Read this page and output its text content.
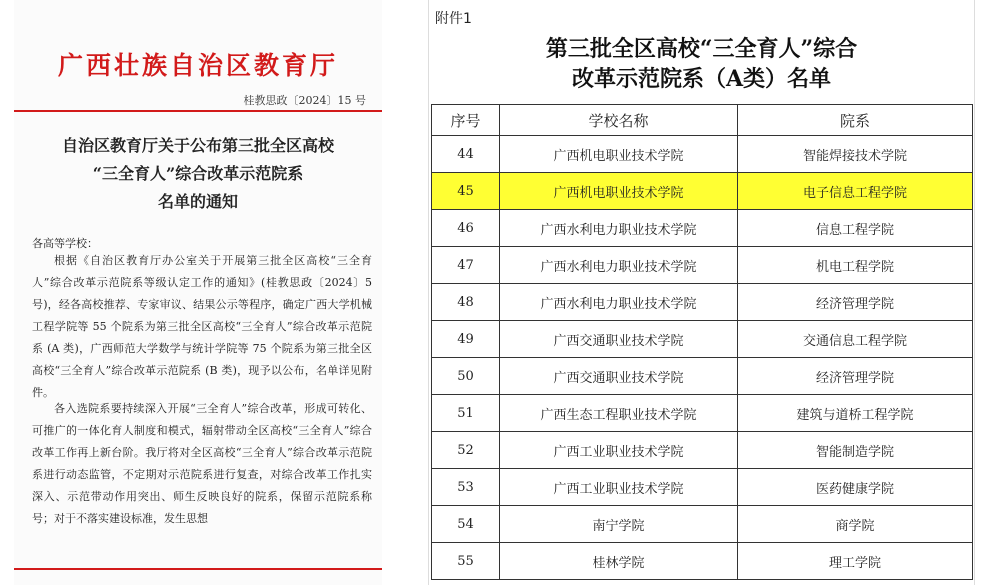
广西壮族自治区教育厅
桂教思政〔2024〕15 号
自治区教育厅关于公布第三批全区高校
“三全育人”综合改革示范院系
名单的通知
各高等学校：
根据《自治区教育厅办公室关于开展第三批全区高校“三全育人”综合改革示范院系等级认定工作的通知》(桂教思政〔2024〕5 号)，经各高校推荐、专家审议、结果公示等程序，确定广西大学机械工程学院等 55 个院系为第三批全区高校“三全育人”综合改革示范院系 (A 类)，广西师范大学数学与统计学院等 75 个院系为第三批全区高校“三全育人”综合改革示范院系 (B 类)，现予以公布，名单详见附件。
各入选院系要持续深入开展“三全育人”综合改革，形成可转化、可推广的一体化育人制度和模式，辐射带动全区高校“三全育人”综合改革工作再上新台阶。我厅将对全区高校“三全育人”综合改革示范院系进行动态监管，不定期对示范院系进行复查，对综合改革工作扎实深入、示范带动作用突出、师生反映良好的院系，保留示范院系称号；对于不落实建设标准，发生思想
附件1
第三批全区高校“三全育人”综合
改革示范院系（A类）名单
序号	学校名称	院系
44	广西机电职业技术学院	智能焊接技术学院
45	广西机电职业技术学院	电子信息工程学院
46	广西水利电力职业技术学院	信息工程学院
47	广西水利电力职业技术学院	机电工程学院
48	广西水利电力职业技术学院	经济管理学院
49	广西交通职业技术学院	交通信息工程学院
50	广西交通职业技术学院	经济管理学院
51	广西生态工程职业技术学院	建筑与道桥工程学院
52	广西工业职业技术学院	智能制造学院
53	广西工业职业技术学院	医药健康学院
54	南宁学院	商学院
55	桂林学院	理工学院
